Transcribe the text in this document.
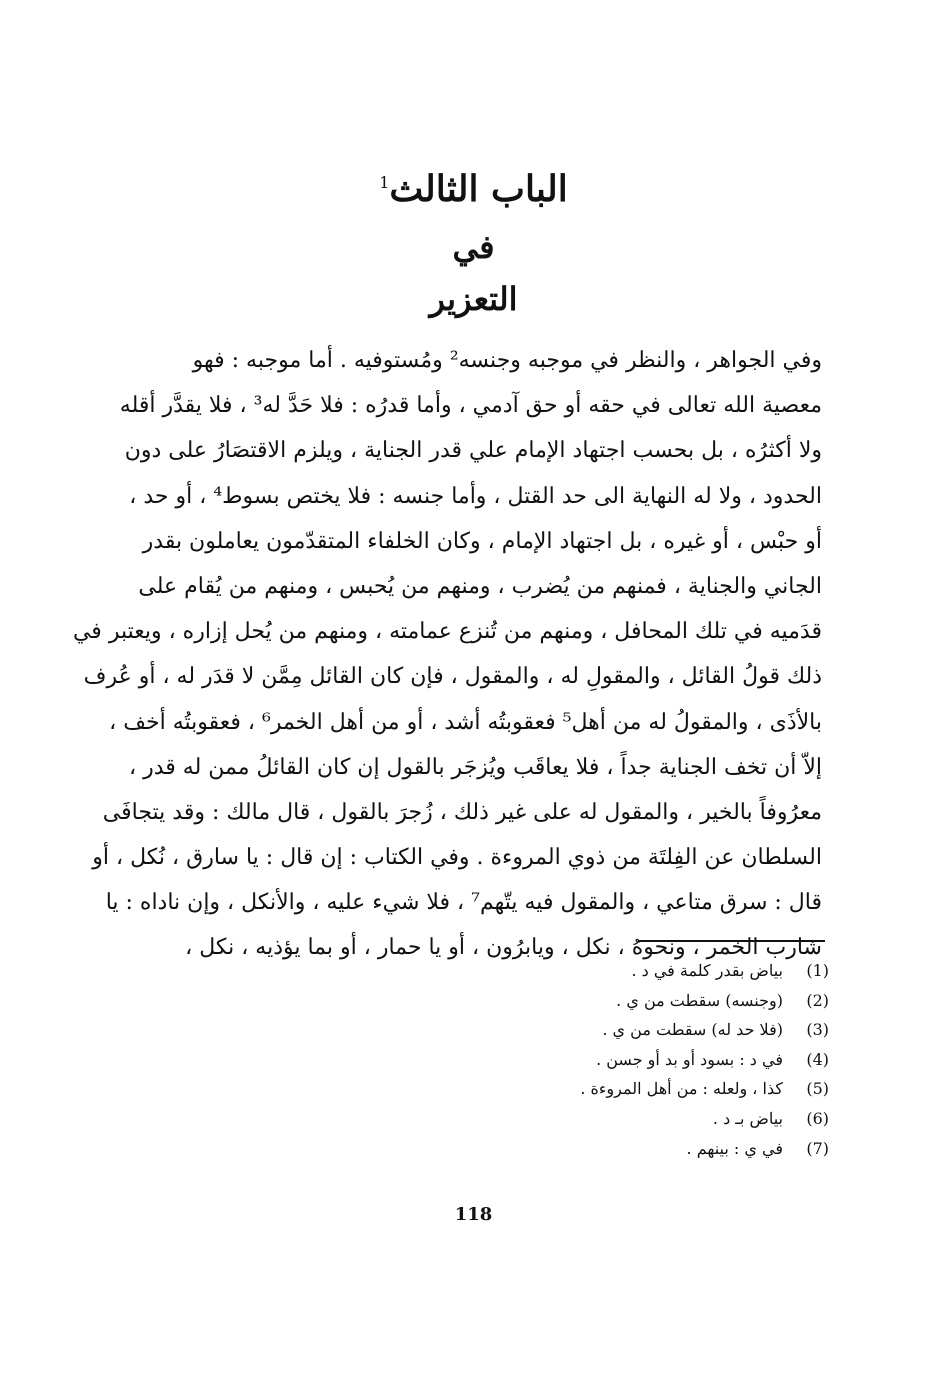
الباب الثالث$^1$
في
التعزير
وفي الجواهر ، والنظر في موجبه وجنسه² ومُستوفيه . أما موجبه : فهو
معصية الله تعالى في حقه أو حق آدمي ، وأما قدرُه : فلا حَدَّ له³ ، فلا يقدَّر أقله
ولا أكثرُه ، بل بحسب اجتهاد الإمام علي قدر الجناية ، ويلزم الاقتصَارُ على دون
الحدود ، ولا له النهاية الى حد القتل ، وأما جنسه : فلا يختص بسوط⁴ ، أو حد ،
أو حبْس ، أو غيره ، بل اجتهاد الإمام ، وكان الخلفاء المتقدّمون يعاملون بقدر
الجاني والجناية ، فمنهم من يُضرب ، ومنهم من يُحبس ، ومنهم من يُقام على
قدَميه في تلك المحافل ، ومنهم من تُنزع عمامته ، ومنهم من يُحل إزاره ، ويعتبر في
ذلك قولُ القائل ، والمقولِ له ، والمقول ، فإن كان القائل مِمَّن لا قدَر له ، أو عُرف
بالأذَى ، والمقولُ له من أهل⁵ فعقوبتُه أشد ، أو من أهل الخمر⁶ ، فعقوبتُه أخف ،
إلاّ أن تخف الجناية جداً ، فلا يعاقَب ويُزجَر بالقول إن كان القائلُ ممن له قدر ،
معرُوفاً بالخير ، والمقول له على غير ذلك ، زُجرَ بالقول ، قال مالك : وقد يتجافَى
السلطان عن الفِلتَة من ذوي المروءة . وفي الكتاب : إن قال : يا سارق ، نُكل ، أو
قال : سرق متاعي ، والمقول فيه يتّهم⁷ ، فلا شيء عليه ، والأنكل ، وإن ناداه : يا
شارب الخمر ، ونحوهُ ، نكل ، ويابرُون ، أو يا حمار ، أو بما يؤذيه ، نكل ،
(1)
بياض بقدر كلمة في د .
(2)
(وجنسه) سقطت من ي .
(3)
(فلا حد له) سقطت من ي .
(4)
في د : بسود أو بد أو جسن .
(5)
كذا ، ولعله : من أهل المروءة .
(6)
بياض بـ د .
(7)
في ي : بينهم .
118
